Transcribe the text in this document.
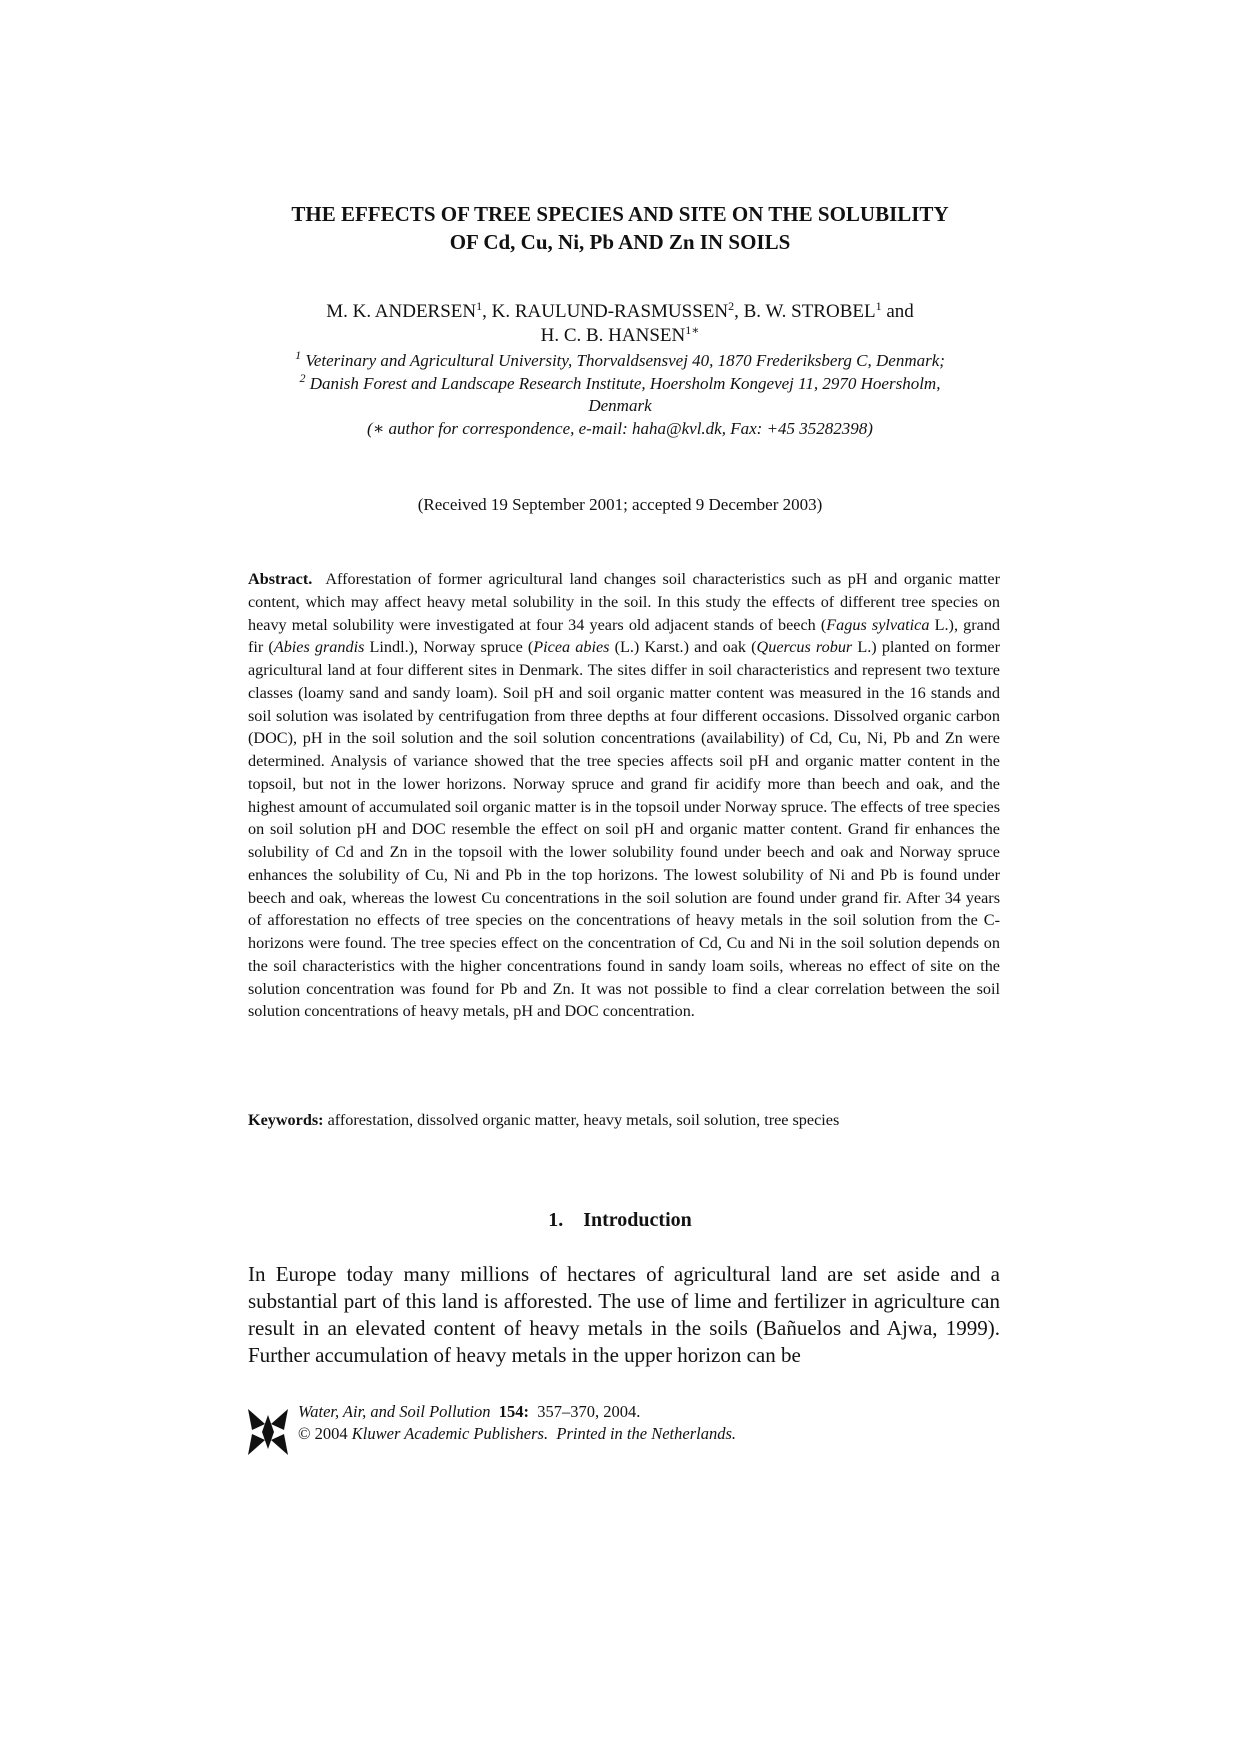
THE EFFECTS OF TREE SPECIES AND SITE ON THE SOLUBILITY
OF Cd, Cu, Ni, Pb AND Zn IN SOILS
M. K. ANDERSEN$^1$, K. RAULUND-RASMUSSEN$^2$, B. W. STROBEL$^1$ and
H. C. B. $HANSEN^{1∗}$
$^1$ Veterinary and Agricultural University, Thorvaldsensvej 40, 1870 Frederiksberg C, Denmark;
$^2$ Danish Forest and Landscape Research Institute, Hoersholm Kongevej 11, 2970 Hoersholm,
Denmark
(∗ author for correspondence, e-mail: haha@kvl.dk, Fax: +45 35282398)
(Received 19 September 2001; accepted 9 December 2003)

Abstract. Afforestation of former agricultural land changes soil characteristics such as pH and organic matter content, which may affect heavy metal solubility in the soil. In this study the effects of different tree species on heavy metal solubility were investigated at four 34 years old adjacent stands of beech (Fagus sylvatica L.), grand fir (Abies grandis Lindl.), Norway spruce (Picea abies (L.) Karst.) and oak (Quercus robur L.) planted on former agricultural land at four different sites in Denmark. The sites differ in soil characteristics and represent two texture classes (loamy sand and sandy loam). Soil pH and soil organic matter content was measured in the 16 stands and soil solution was isolated by centrifugation from three depths at four different occasions. Dissolved organic carbon (DOC), pH in the soil solution and the soil solution concentrations (availability) of Cd, Cu, Ni, Pb and Zn were determined. Analysis of variance showed that the tree species affects soil pH and organic matter content in the topsoil, but not in the lower horizons. Norway spruce and grand fir acidify more than beech and oak, and the highest amount of accumulated soil organic matter is in the topsoil under Norway spruce. The effects of tree species on soil solution pH and DOC resemble the effect on soil pH and organic matter content. Grand fir enhances the solubility of Cd and Zn in the topsoil with the lower solubility found under beech and oak and Norway spruce enhances the solubility of Cu, Ni and Pb in the top horizons. The lowest solubility of Ni and Pb is found under beech and oak, whereas the lowest Cu concentrations in the soil solution are found under grand fir. After 34 years of afforestation no effects of tree species on the concentrations of heavy metals in the soil solution from the C-horizons were found. The tree species effect on the concentration of Cd, Cu and Ni in the soil solution depends on the soil characteristics with the higher concentrations found in sandy loam soils, whereas no effect of site on the solution concentration was found for Pb and Zn. It was not possible to find a clear correlation between the soil solution concentrations of heavy metals, pH and DOC concentration.

Keywords: afforestation, dissolved organic matter, heavy metals, soil solution, tree species

1. Introduction

In Europe today many millions of hectares of agricultural land are set aside and a substantial part of this land is afforested. The use of lime and fertilizer in agriculture can result in an elevated content of heavy metals in the soils (Bañuelos and Ajwa, 1999). Further accumulation of heavy metals in the upper horizon can be

Water, Air, and Soil Pollution 154: 357–370, 2004.
© 2004 Kluwer Academic Publishers. Printed in the Netherlands.
